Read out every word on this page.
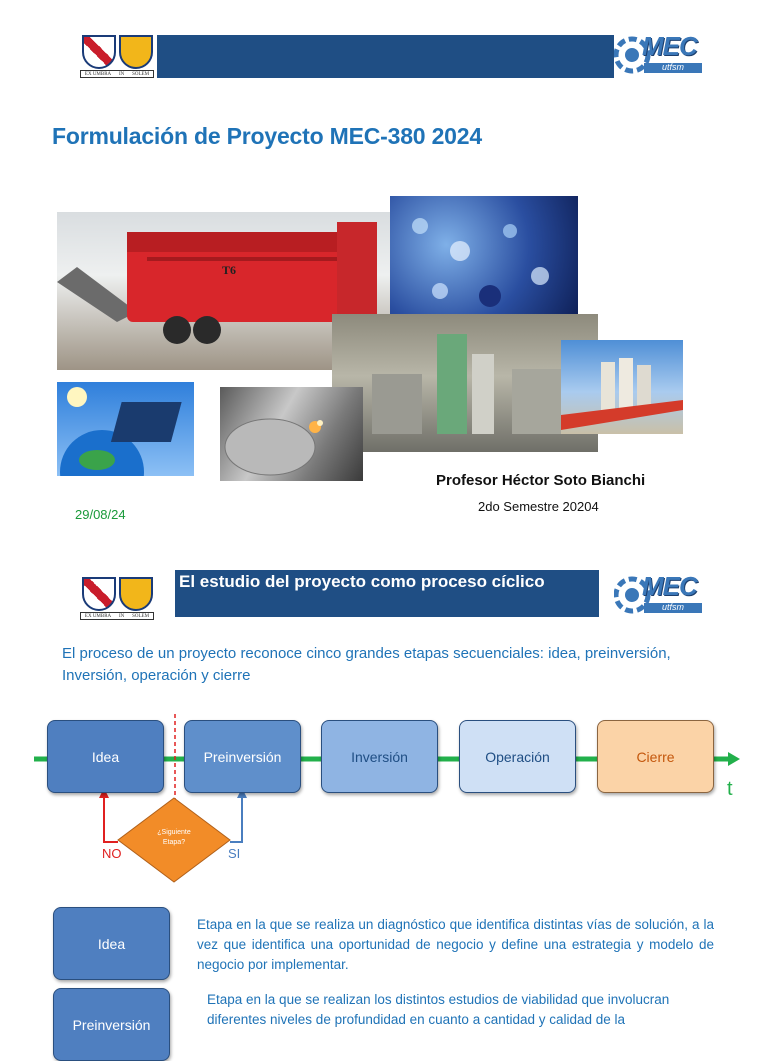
EX UMBRA IN SOLEM
MEC
utfsm
Formulación de Proyecto MEC-380 2024
T6
Profesor Héctor Soto Bianchi
2do Semestre 20204
29/08/24
EX UMBRA IN SOLEM
El estudio del proyecto como proceso cíclico	MEC
utfsm
El proceso de un proyecto reconoce cinco grandes etapas secuenciales: idea, preinversión, Inversión, operación y cierre
¿Siguiente Etapa?
NO	SI
t
Idea	Preinversión	Inversión	Operación	Cierre
Idea
Etapa en la que se realiza un diagnóstico que identifica distintas vías de solución, a la vez que identifica una oportunidad de negocio y define una estrategia y modelo de negocio por implementar.
Preinversión
Etapa en la que se realizan los distintos estudios de viabilidad que involucran diferentes niveles de profundidad en cuanto a cantidad y calidad de la
